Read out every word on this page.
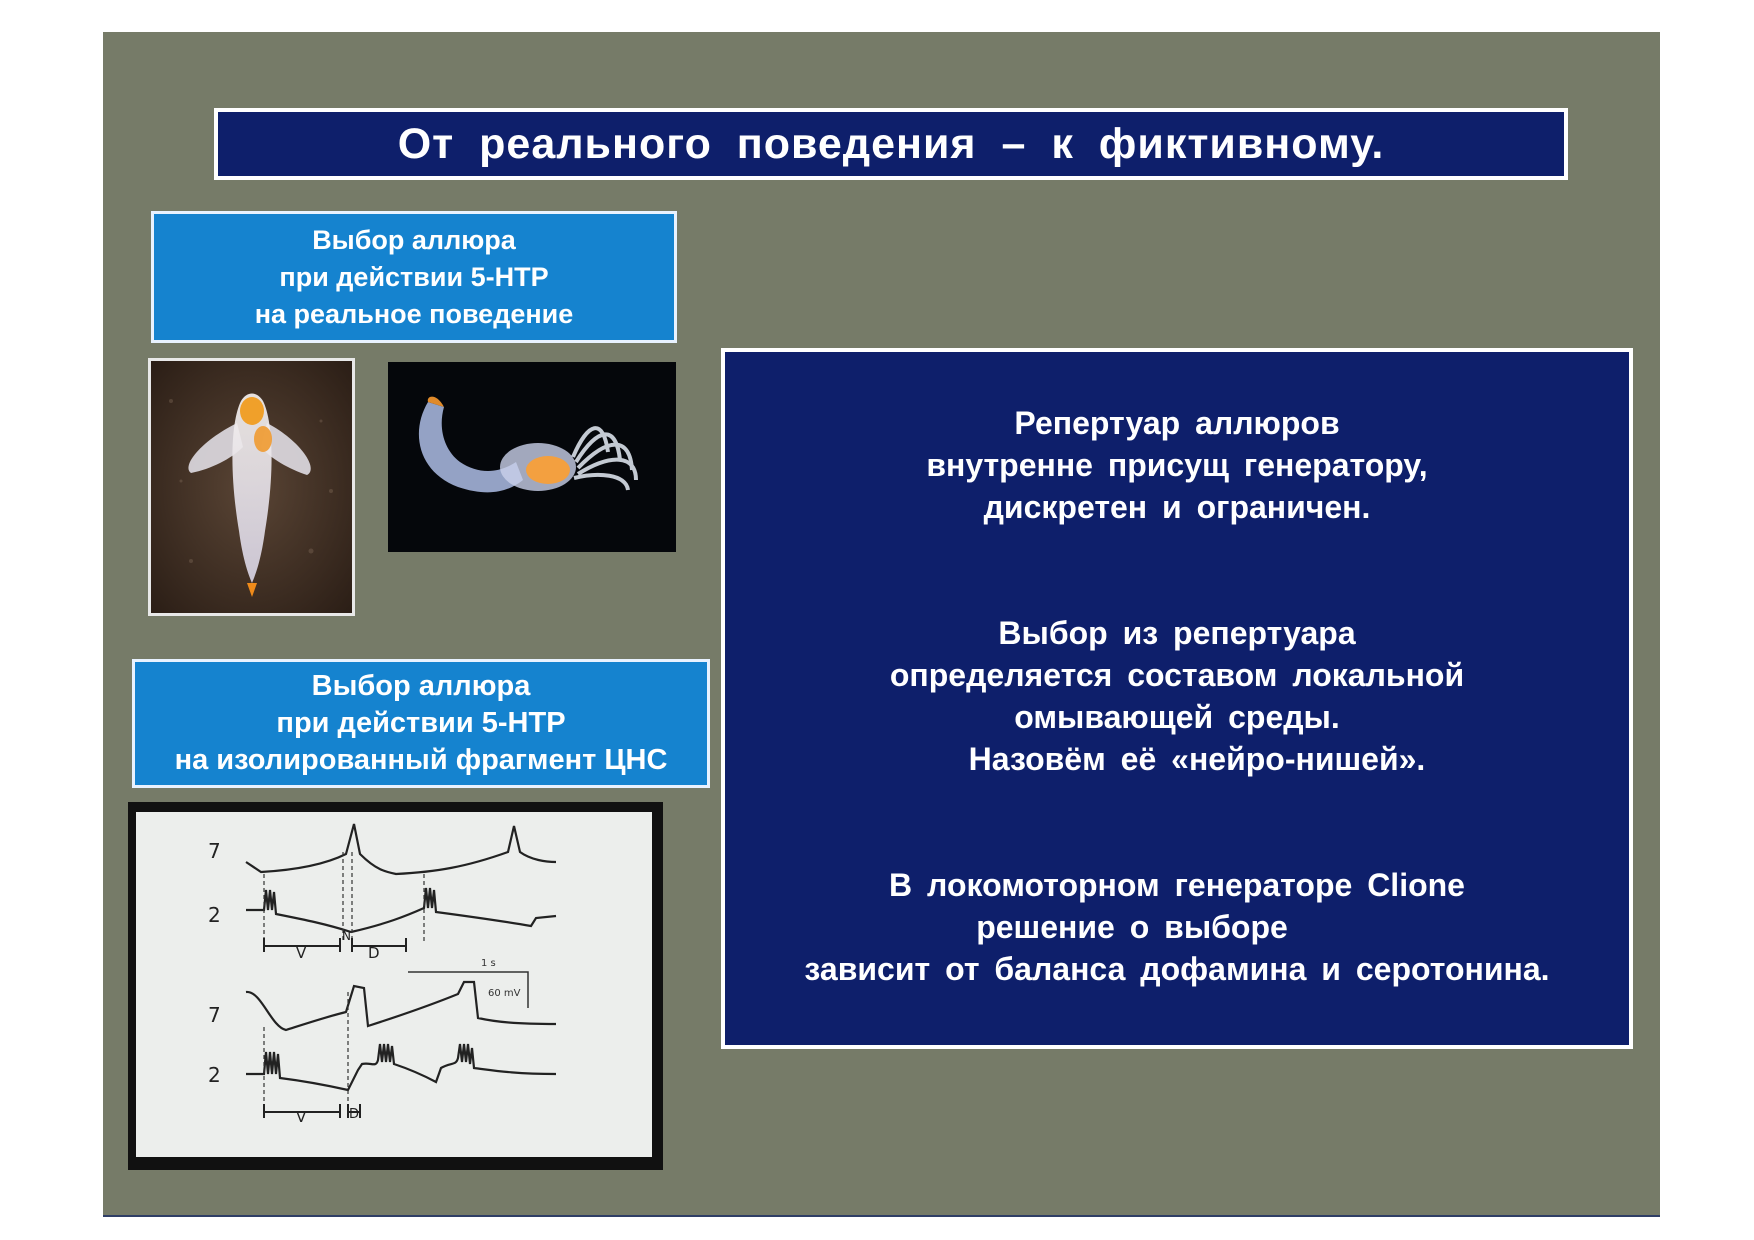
От реального поведения – к фиктивному.
Выбор аллюра
при действии 5-HTP
на реальное поведение
Выбор аллюра
при действии 5-HTP
на изолированный фрагмент ЦНС
7
2
7
2
V
N
D
V	D
1 s
60 mV
Репертуар аллюров
внутренне присущ генератору,
дискретен и ограничен.
Выбор из репертуара
определяется составом локальной
омывающей среды.
Назовём её «нейро-нишей».
В локомоторном генераторе Clione
решение о выборе
зависит от баланса дофамина и серотонина.
